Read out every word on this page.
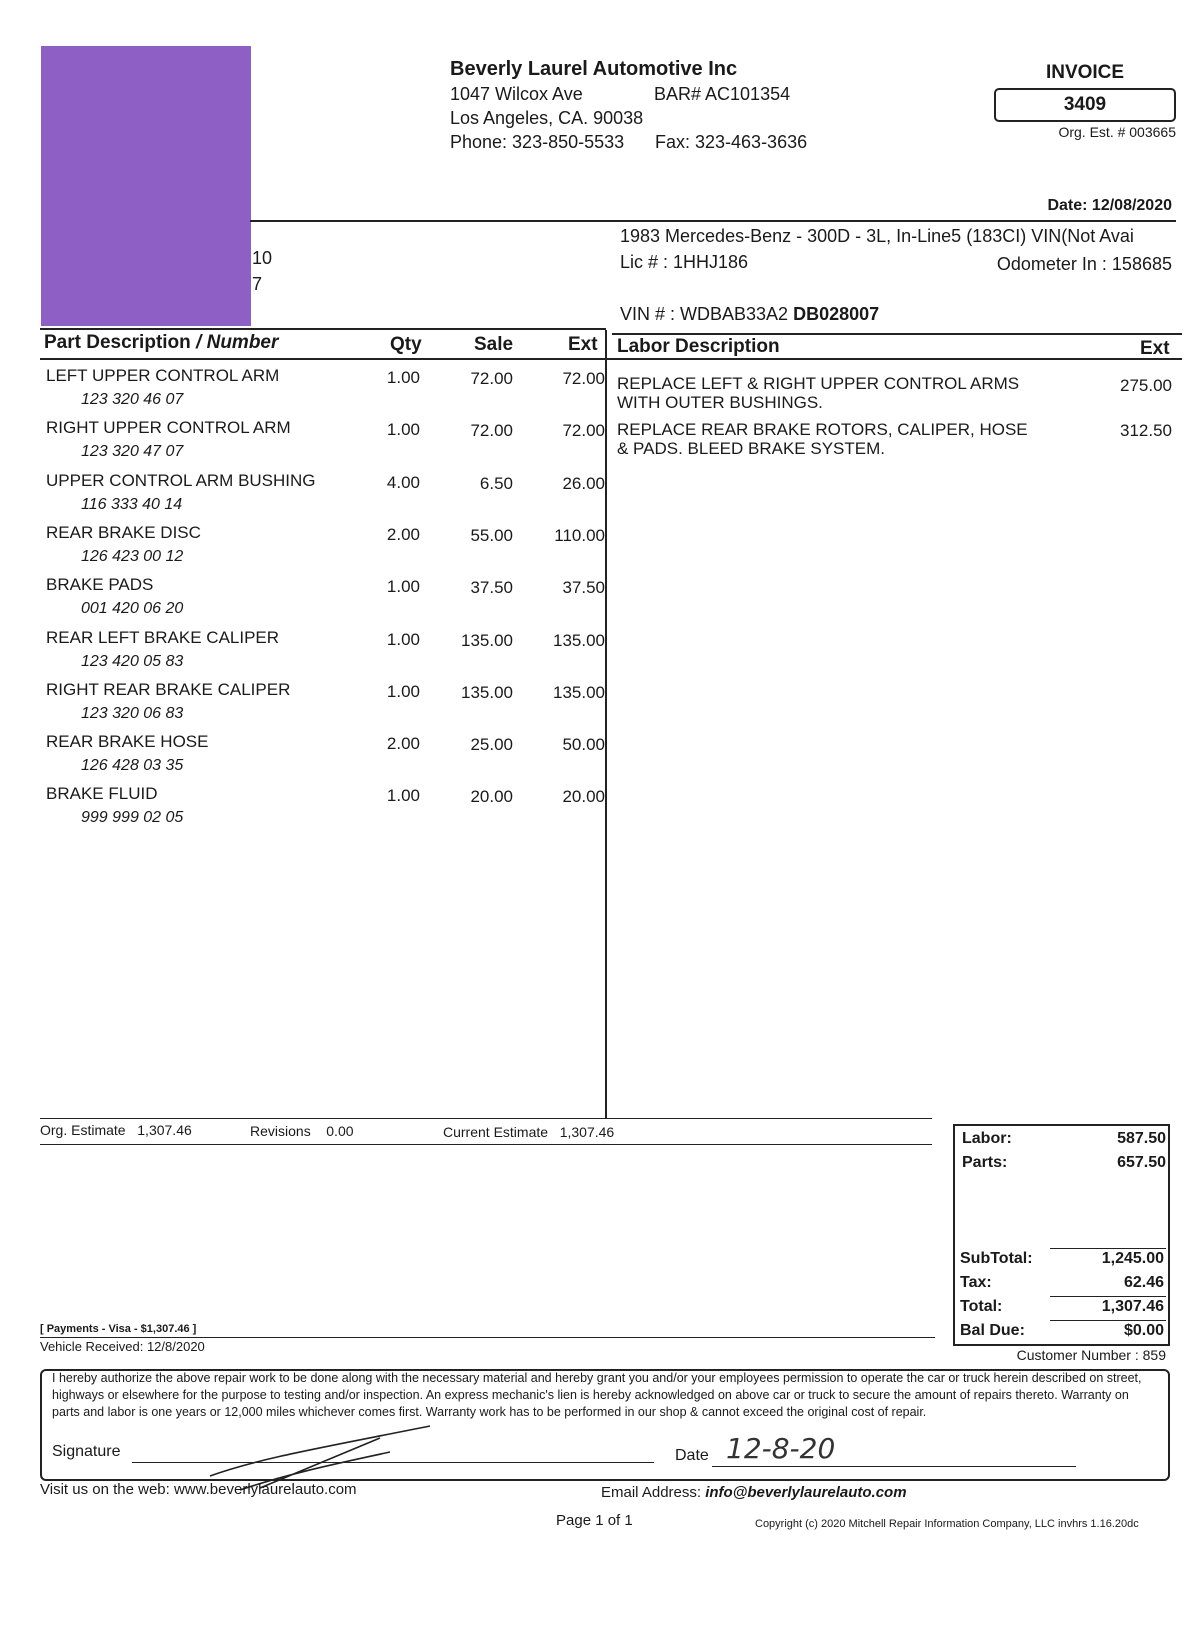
Beverly Laurel Automotive Inc
1047 Wilcox Ave	BAR# AC101354
Los Angeles, CA. 90038
Phone: 323-850-5533 Fax: 323-463-3636
INVOICE
3409
Org. Est. # 003665
Date: 12/08/2020
10
7
1983 Mercedes-Benz - 300D - 3L, In-Line5 (183CI) VIN(Not Avai
Lic # : 1HHJ186	Odometer In : 158685
VIN # : WDBAB33A2 DB028007
Part Description / Number	Qty	Sale	Ext Labor Description	Ext
LEFT UPPER CONTROL ARM
123 320 46 07
1.00	72.00	72.00
RIGHT UPPER CONTROL ARM
123 320 47 07
1.00	72.00	72.00
UPPER CONTROL ARM BUSHING
116 333 40 14
4.00	6.50	26.00
REAR BRAKE DISC
126 423 00 12
2.00	55.00	110.00
BRAKE PADS
001 420 06 20
1.00	37.50	37.50
REAR LEFT BRAKE CALIPER
123 420 05 83
1.00	135.00	135.00
RIGHT REAR BRAKE CALIPER
123 320 06 83
1.00	135.00	135.00
REAR BRAKE HOSE
126 428 03 35
2.00	25.00	50.00
BRAKE FLUID
999 999 02 05
1.00	20.00	20.00
REPLACE LEFT & RIGHT UPPER CONTROL ARMS
WITH OUTER BUSHINGS.
275.00
REPLACE REAR BRAKE ROTORS, CALIPER, HOSE
& PADS. BLEED BRAKE SYSTEM.
312.50
Org. Estimate 1,307.46	Revisions 0.00	Current Estimate 1,307.46	Labor:	587.50
Parts:	657.50
SubTotal:	1,245.00
Tax:	62.46
Total:	1,307.46
Bal Due:	$0.00
[ Payments - Visa - $1,307.46 ]
Vehicle Received: 12/8/2020
Customer Number : 859
I hereby authorize the above repair work to be done along with the necessary material and hereby grant you and/or your employees permission to operate the car or truck herein described on street, highways or elsewhere for the purpose to testing and/or inspection. An express mechanic's lien is hereby acknowledged on above car or truck to secure the amount of repairs thereto. Warranty on parts and labor is one years or 12,000 miles whichever comes first. Warranty work has to be performed in our shop & cannot exceed the original cost of repair.
Signature	Date 12-8-20
Visit us on the web: www.beverlylaurelauto.com	Email Address: info@beverlylaurelauto.com
Page 1 of 1	Copyright (c) 2020 Mitchell Repair Information Company, LLC invhrs 1.16.20dc
